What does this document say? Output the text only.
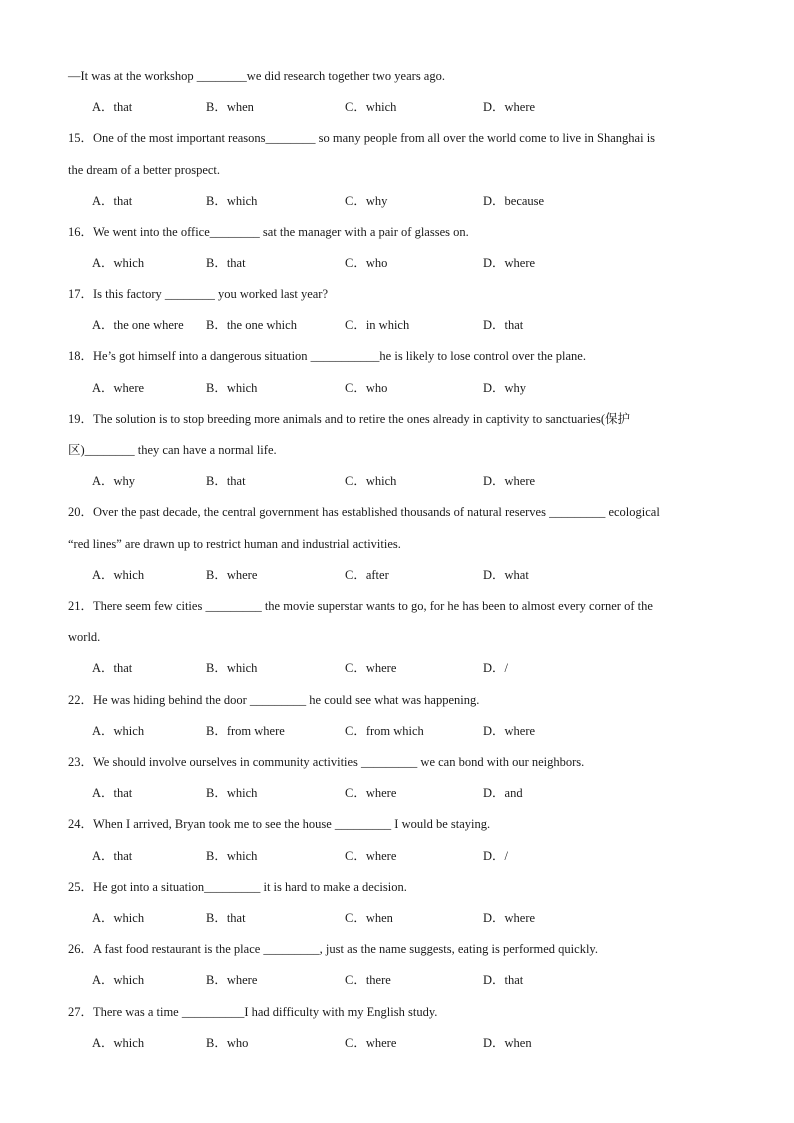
—It was at the workshop ________we did research together two years ago.
A．that	B．when	C．which	D．where
15．One of the most important reasons________ so many people from all over the world come to live in Shanghai is
the dream of a better prospect.
A．that	B．which	C．why	D．because
16．We went into the office________ sat the manager with a pair of glasses on.
A．which	B．that	C．who	D．where
17．Is this factory ________ you worked last year?
A．the one where B．the one which	C．in which	D．that
18．He’s got himself into a dangerous situation ___________he is likely to lose control over the plane.
A．where	B．which	C．who	D．why
19．The solution is to stop breeding more animals and to retire the ones already in captivity to sanctuaries(保护
区)________ they can have a normal life.
A．why	B．that	C．which	D．where
20．Over the past decade, the central government has established thousands of natural reserves _________ ecological
“red lines” are drawn up to restrict human and industrial activities.
A．which	B．where	C．after	D．what
21．There seem few cities _________ the movie superstar wants to go, for he has been to almost every corner of the
world.
A．that	B．which	C．where	D．/
22．He was hiding behind the door _________ he could see what was happening.
A．which	B．from where	C．from which	D．where
23．We should involve ourselves in community activities _________ we can bond with our neighbors.
A．that	B．which	C．where	D．and
24．When I arrived, Bryan took me to see the house _________ I would be staying.
A．that	B．which	C．where	D．/
25．He got into a situation_________ it is hard to make a decision.
A．which	B．that	C．when	D．where
26．A fast food restaurant is the place _________, just as the name suggests, eating is performed quickly.
A．which	B．where	C．there	D．that
27．There was a time __________I had difficulty with my English study.
A．which	B．who	C．where	D．when
